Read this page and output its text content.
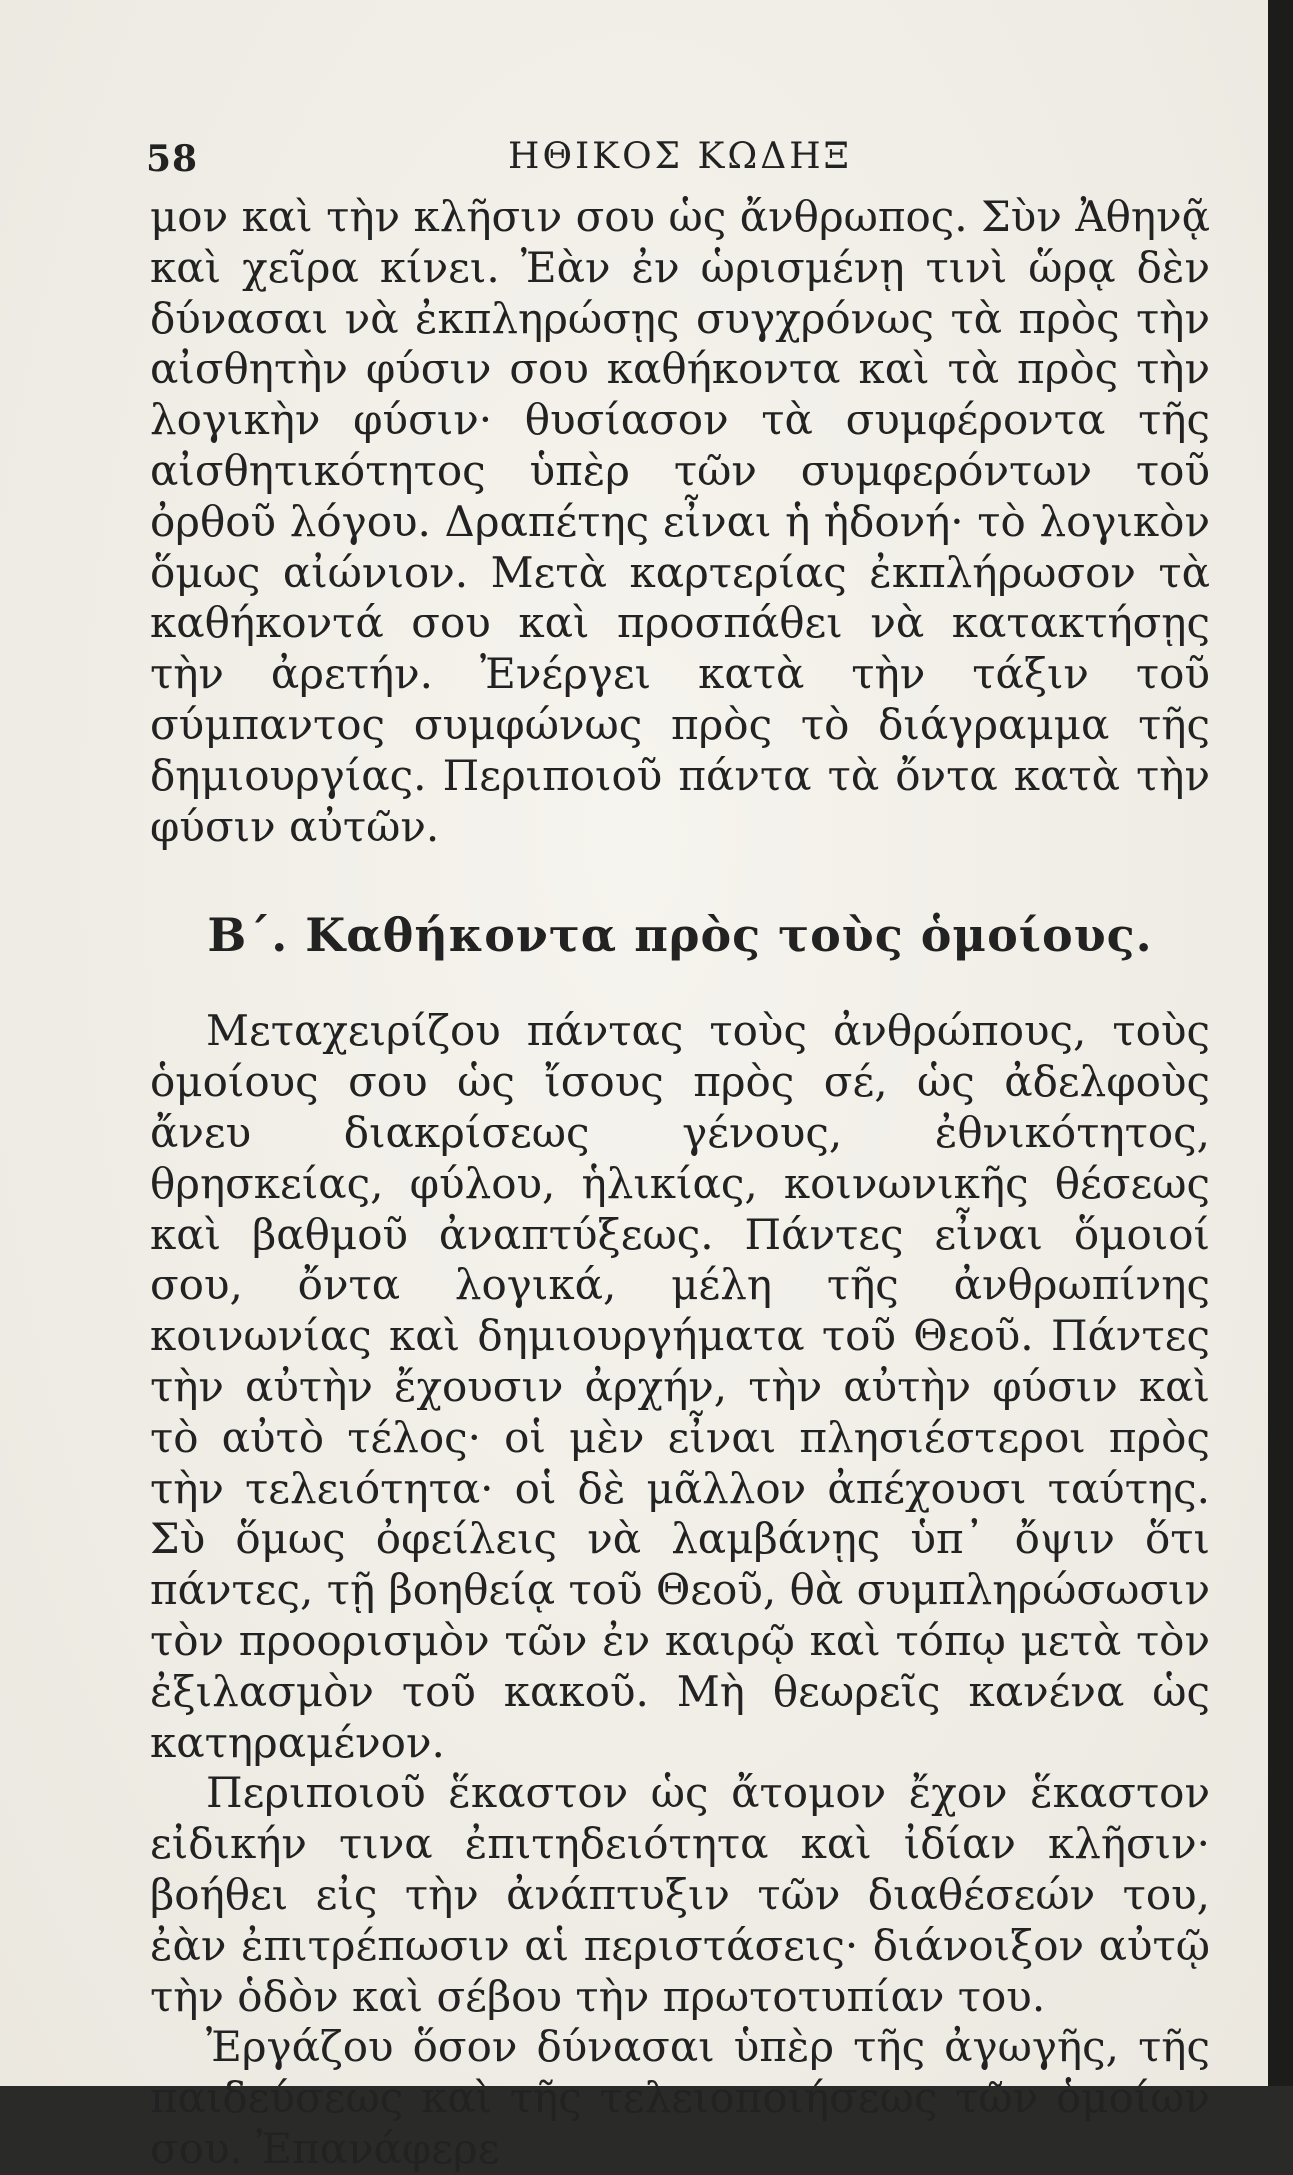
58	ΗΘΙΚΟΣ ΚΩΔΗΞ

μον καὶ τὴν κλῆσιν σου ὡς ἄνθρωπος. Σὺν Ἀθηνᾷ καὶ χεῖρα κίνει. Ἐὰν ἐν ὡρισμένῃ τινὶ ὥρᾳ δὲν δύνασαι νὰ ἐκπληρώσῃς συγχρόνως τὰ πρὸς τὴν αἰσθητὴν φύσιν σου καθήκοντα καὶ τὰ πρὸς τὴν λογικὴν φύσιν· θυσίασον τὰ συμφέροντα τῆς αἰσθητικότητος ὑπὲρ τῶν συμφερόντων τοῦ ὀρθοῦ λόγου. Δραπέτης εἶναι ἡ ἡδονή· τὸ λογικὸν ὅμως αἰώνιον. Μετὰ καρτερίας ἐκπλήρωσον τὰ καθήκοντά σου καὶ προσπάθει νὰ κατακτήσῃς τὴν ἀρετήν. Ἐνέργει κατὰ τὴν τάξιν τοῦ σύμπαντος συμφώνως πρὸς τὸ διάγραμμα τῆς δημιουργίας. Περιποιοῦ πάντα τὰ ὄντα κατὰ τὴν φύσιν αὐτῶν.

Β΄. Καθήκοντα πρὸς τοὺς ὁμοίους.

Μεταχειρίζου πάντας τοὺς ἀνθρώπους, τοὺς ὁμοίους σου ὡς ἴσους πρὸς σέ, ὡς ἀδελφοὺς ἄνευ διακρίσεως γένους, ἐθνικότητος, θρησκείας, φύλου, ἡλικίας, κοινωνικῆς θέσεως καὶ βαθμοῦ ἀναπτύξεως. Πάντες εἶναι ὅμοιοί σου, ὄντα λογικά, μέλη τῆς ἀνθρωπίνης κοινωνίας καὶ δημιουργήματα τοῦ Θεοῦ. Πάντες τὴν αὐτὴν ἔχουσιν ἀρχήν, τὴν αὐτὴν φύσιν καὶ τὸ αὐτὸ τέλος· οἱ μὲν εἶναι πλησιέστεροι πρὸς τὴν τελειότητα· οἱ δὲ μᾶλλον ἀπέχουσι ταύτης. Σὺ ὅμως ὀφείλεις νὰ λαμβάνῃς ὑπ᾽ ὄψιν ὅτι πάντες, τῇ βοηθείᾳ τοῦ Θεοῦ, θὰ συμπληρώσωσιν τὸν προορισμὸν τῶν ἐν καιρῷ καὶ τόπῳ μετὰ τὸν ἐξιλασμὸν τοῦ κακοῦ. Μὴ θεωρεῖς κανένα ὡς κατηραμένον.

Περιποιοῦ ἕκαστον ὡς ἄτομον ἔχον ἕκαστον εἰδικήν τινα ἐπιτηδειότητα καὶ ἰδίαν κλῆσιν· βοήθει εἰς τὴν ἀνάπτυξιν τῶν διαθέσεών του, ἐὰν ἐπιτρέπωσιν αἱ περιστάσεις· διάνοιξον αὐτῷ τὴν ὁδὸν καὶ σέβου τὴν πρωτοτυπίαν του.

Ἐργάζου ὅσον δύνασαι ὑπὲρ τῆς ἀγωγῆς, τῆς παιδεύσεως καὶ τῆς τελειοποιήσεως τῶν ὁμοίων σου. Ἐπανάφερε
